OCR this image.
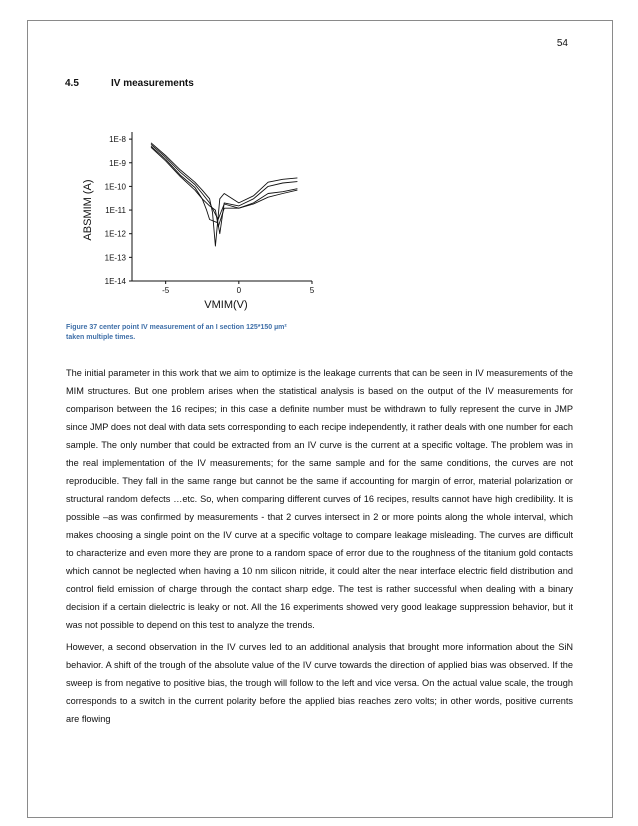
54
4.5	IV measurements
ABSMIM (A)
VMIM(V)
1E-8
1E-9
1E-10
1E-11
1E-12
1E-13
1E-14
-5	0	5
Figure 37 center point IV measurement of an I section 125*150 µm²
taken multiple times.

The initial parameter in this work that we aim to optimize is the leakage currents that can be seen in IV measurements of the MIM structures. But one problem arises when the statistical analysis is based on the output of the IV measurements for comparison between the 16 recipes; in this case a definite number must be withdrawn to fully represent the curve in JMP since JMP does not deal with data sets corresponding to each recipe independently, it rather deals with one number for each sample. The only number that could be extracted from an IV curve is the current at a specific voltage. The problem was in the real implementation of the IV measurements; for the same sample and for the same conditions, the curves are not reproducible. They fall in the same range but cannot be the same if accounting for margin of error, material polarization or structural random defects …etc. So, when comparing different curves of 16 recipes, results cannot have high credibility. It is possible –as was confirmed by measurements - that 2 curves intersect in 2 or more points along the whole interval, which makes choosing a single point on the IV curve at a specific voltage to compare leakage misleading. The curves are difficult to characterize and even more they are prone to a random space of error due to the roughness of the titanium gold contacts which cannot be neglected when having a 10 nm silicon nitride, it could alter the near interface electric field distribution and control field emission of charge through the contact sharp edge. The test is rather successful when dealing with a binary decision if a certain dielectric is leaky or not. All the 16 experiments showed very good leakage suppression behavior, but it was not possible to depend on this test to analyze the trends.

However, a second observation in the IV curves led to an additional analysis that brought more information about the SiN behavior. A shift of the trough of the absolute value of the IV curve towards the direction of applied bias was observed. If the sweep is from negative to positive bias, the trough will follow to the left and vice versa. On the actual value scale, the trough corresponds to a switch in the current polarity before the applied bias reaches zero volts; in other words, positive currents are flowing
